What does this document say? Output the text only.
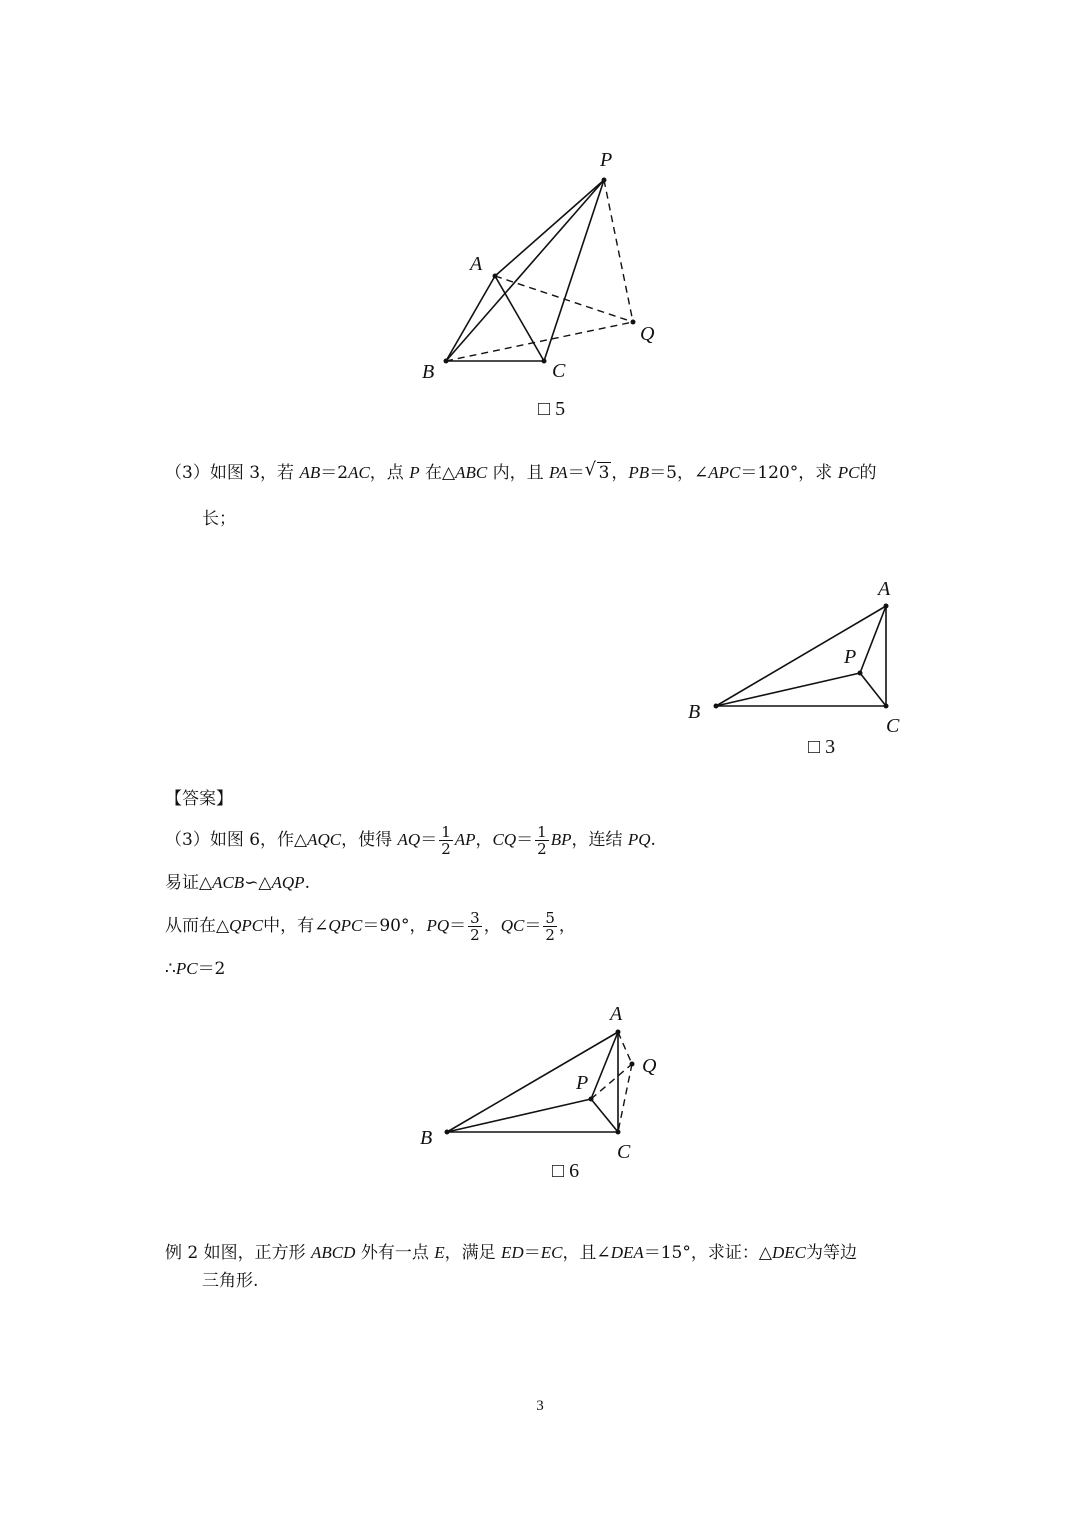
P
A
B	C
Q
□ 5
（3）如图 3，若 AB＝2AC，点 P 在△ABC 内，且 PA＝ √ 3 ，PB＝5，∠APC＝120°，求 PC的
长；
A
P
B
C
□ 3
【答案】
（3）如图 6，作△AQC，使得 $AQ= \frac{1}{2}$ AP，$CQ= \frac{1}{2}$ BP，连结 PQ.
易证△ACB∽△AQP.
从而在△QPC中，有∠QPC＝90°，$PQ= \frac{3}{2}$ ，$QC= \frac{5}{2}$ ，
∴PC＝2
A
Q
P
B
C
□ 6
例 2 如图，正方形 ABCD 外有一点 E，满足 ED＝EC，且∠DEA＝15°，求证：△DEC为等边
三角形.
3
